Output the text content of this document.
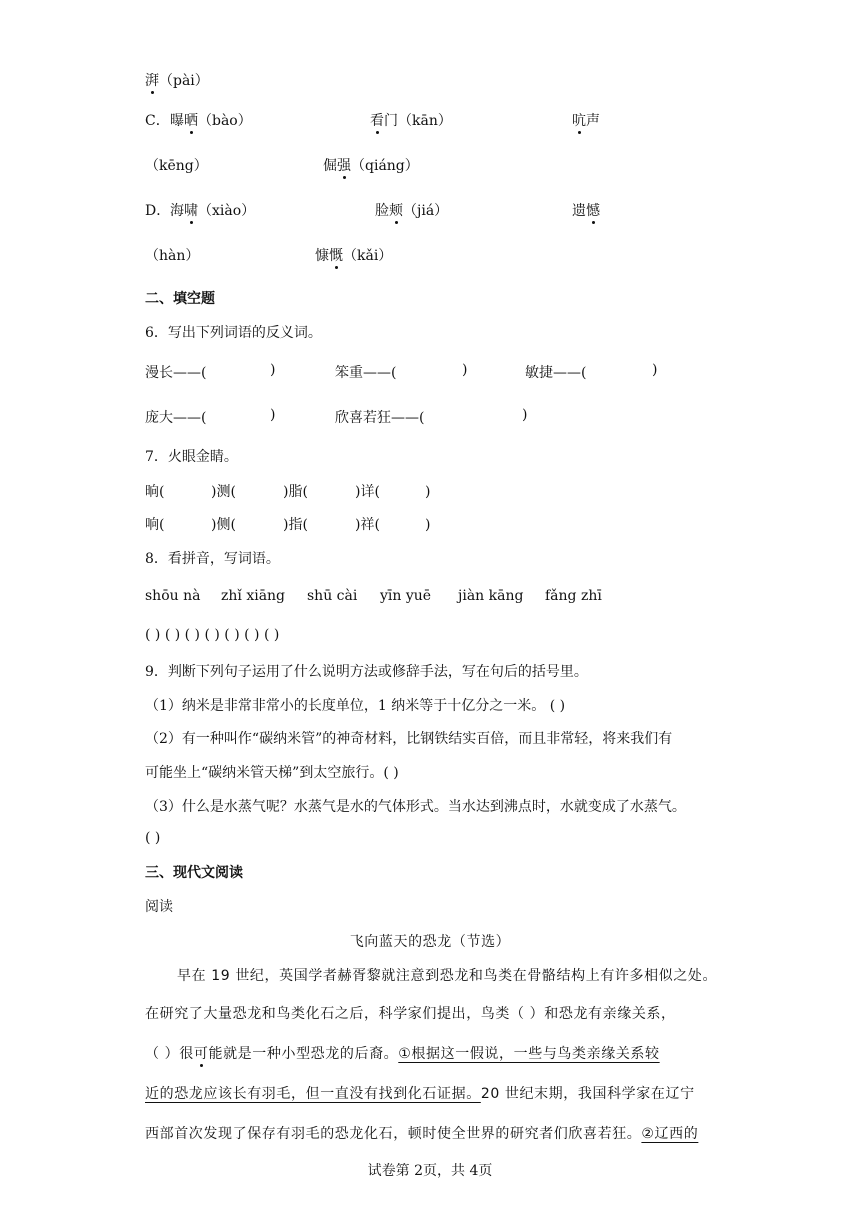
湃（pài）
C． 曝晒（bào）	看门（kān）	吭声
（kēng）	倔强（qiáng）
D． 海啸（xiào）	脸颊（jiá）	遗憾
（hàn）	慷慨（kǎi）
二、填空题
6．写出下列词语的反义词。
漫长——(	)	笨重——(	)	敏捷——(	)
庞大——(	)	欣喜若狂——(	)
7．火眼金睛。
晌(	)测(	)脂(	)详(	)
响(	)侧(	)指(	)祥(	)
8．看拼音，写词语。
shōu nà zhǐ xiāng shū cài yīn yuē jiàn kāng fǎng zhī
( ) ( ) ( ) ( ) ( ) ( ) ( )
9．判断下列句子运用了什么说明方法或修辞手法，写在句后的括号里。
（1）纳米是非常非常小的长度单位，1 纳米等于十亿分之一米。 ( )
（2）有一种叫作“碳纳米管”的神奇材料，比钢铁结实百倍，而且非常轻，将来我们有
可能坐上“碳纳米管天梯”到太空旅行。( )
（3）什么是水蒸气呢？水蒸气是水的气体形式。当水达到沸点时，水就变成了水蒸气。
( )
三、现代文阅读
阅读
飞向蓝天的恐龙（节选）
早在 19 世纪，英国学者赫胥黎就注意到恐龙和鸟类在骨骼结构上有许多相似之处。
在研究了大量恐龙和鸟类化石之后，科学家们提出，鸟类（ ）和恐龙有亲缘关系，
（ ）很可能就是一种小型恐龙的后裔。①根据这一假说，一些与鸟类亲缘关系较
近的恐龙应该长有羽毛，但一直没有找到化石证据。20 世纪末期，我国科学家在辽宁
西部首次发现了保存有羽毛的恐龙化石，顿时使全世界的研究者们欣喜若狂。②辽西的
试卷第 2页，共 4页
